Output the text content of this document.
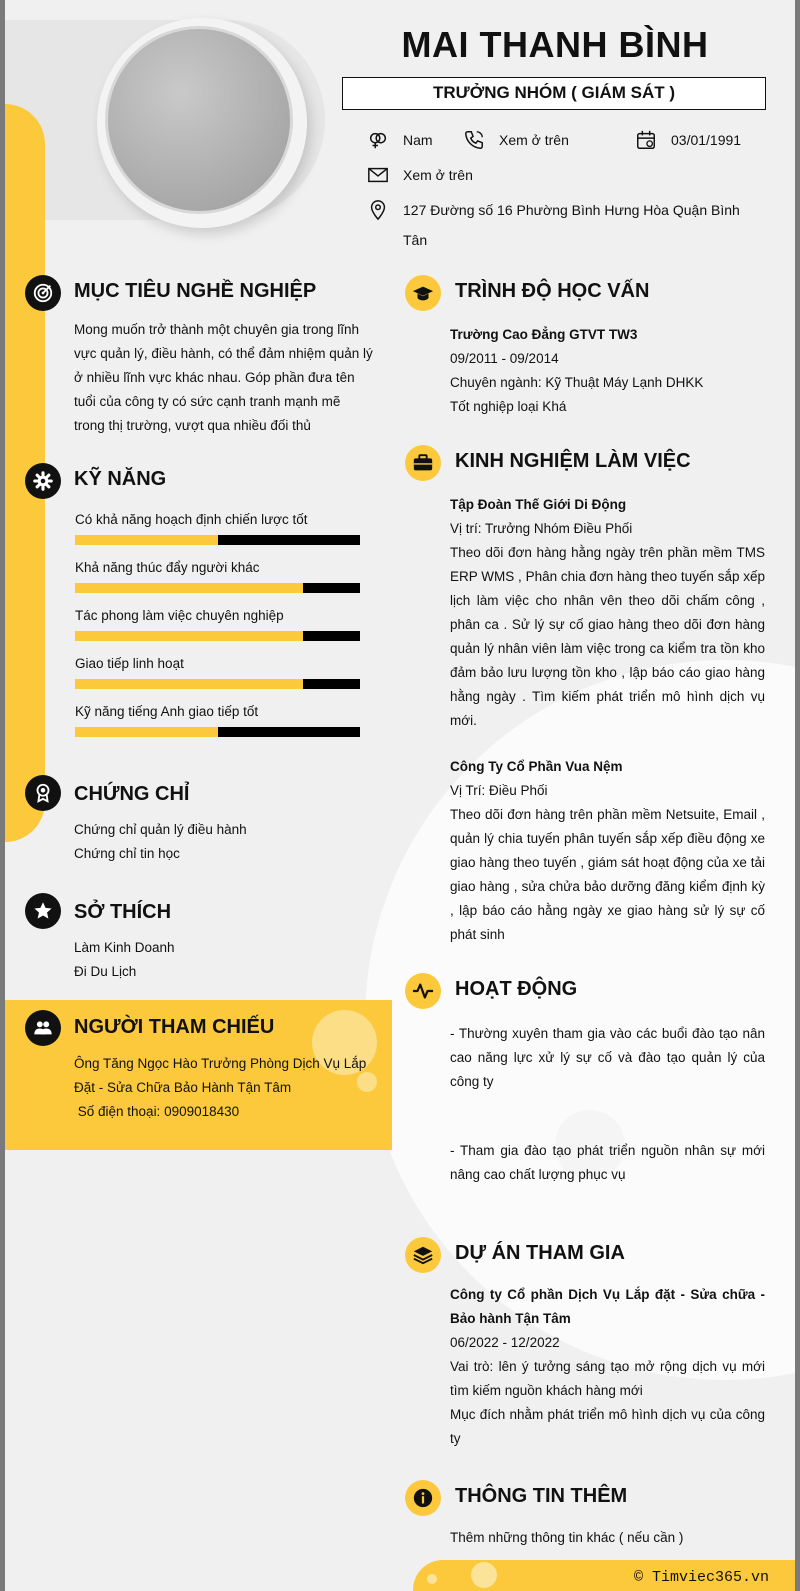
MAI THANH BÌNH
TRƯỞNG NHÓM ( GIÁM SÁT )
Nam	Xem ở trên	03/01/1991
Xem ở trên
127 Đường số 16 Phường Bình Hưng Hòa Quận Bình
Tân
MỤC TIÊU NGHỀ NGHIỆP
Mong muốn trở thành một chuyên gia trong lĩnh
vực quản lý, điều hành, có thể đảm nhiệm quản lý
ở nhiều lĩnh vực khác nhau. Góp phần đưa tên
tuổi của công ty có sức cạnh tranh mạnh mẽ
trong thị trường, vượt qua nhiều đối thủ
KỸ NĂNG
Có khả năng hoạch định chiến lược tốt
Khả năng thúc đẩy người khác
Tác phong làm việc chuyên nghiệp
Giao tiếp linh hoạt
Kỹ năng tiếng Anh giao tiếp tốt
CHỨNG CHỈ
Chứng chỉ quản lý điều hành
Chứng chỉ tin học
SỞ THÍCH
Làm Kinh Doanh
Đi Du Lịch
NGƯỜI THAM CHIẾU
Ông Tăng Ngọc Hào Trưởng Phòng Dịch Vụ Lắp
Đặt - Sửa Chữa Bảo Hành Tận Tâm
Số điện thoại: 0909018430
TRÌNH ĐỘ HỌC VẤN
Trường Cao Đẳng GTVT TW3
09/2011 - 09/2014
Chuyên ngành: Kỹ Thuật Máy Lạnh DHKK
Tốt nghiệp loại Khá
KINH NGHIỆM LÀM VIỆC
Tập Đoàn Thế Giới Di Động
Vị trí: Trưởng Nhóm Điều Phối
Theo dõi đơn hàng hằng ngày trên phần mềm TMS ERP WMS , Phân chia đơn hàng theo tuyến sắp xếp lịch làm việc cho nhân vên theo dõi chấm công , phân ca . Sử lý sự cố giao hàng theo dõi đơn hàng quản lý nhân viên làm việc trong ca kiểm tra tồn kho đảm bảo lưu lượng tồn kho , lập báo cáo giao hàng hằng ngày . Tìm kiếm phát triển mô hình dịch vụ mới.
Công Ty Cổ Phần Vua Nệm
Vị Trí: Điều Phối
Theo dõi đơn hàng trên phần mềm Netsuite, Email , quản lý chia tuyến phân tuyến sắp xếp điều động xe giao hàng theo tuyến , giám sát hoạt động của xe tải giao hàng , sửa chửa bảo dưỡng đăng kiểm định kỳ , lập báo cáo hằng ngày xe giao hàng sử lý sự cố phát sinh
HOẠT ĐỘNG
- Thường xuyên tham gia vào các buổi đào tạo nân cao năng lực xử lý sự cố và đào tạo quản lý của công ty
- Tham gia đào tạo phát triển nguồn nhân sự mới nâng cao chất lượng phục vụ
DỰ ÁN THAM GIA
Công ty Cổ phần Dịch Vụ Lắp đặt - Sửa chữa - Bảo hành Tận Tâm
06/2022 - 12/2022
Vai trò: lên ý tưởng sáng tạo mở rộng dịch vụ mới tìm kiếm nguồn khách hàng mới
Mục đích nhằm phát triển mô hình dịch vụ của công ty
THÔNG TIN THÊM
Thêm những thông tin khác ( nếu cần )
© Timviec365.vn
